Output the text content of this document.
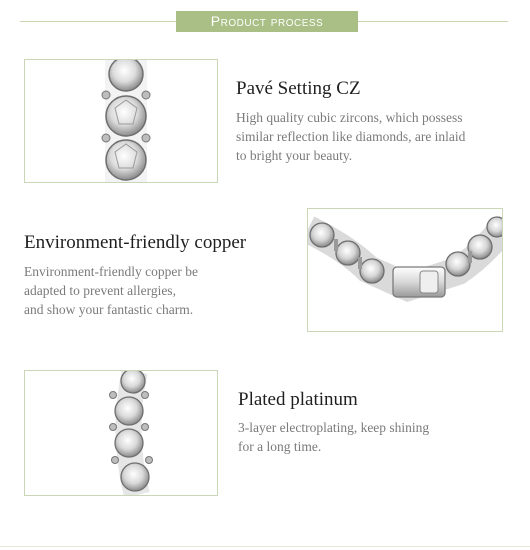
Product process
Pavé Setting CZ
High quality cubic zircons, which possess
similar reflection like diamonds, are inlaid
to bright your beauty.
Environment-friendly copper
Environment-friendly copper be
adapted to prevent allergies,
and show your fantastic charm.
Plated platinum
3-layer electroplating, keep shining
for a long time.
